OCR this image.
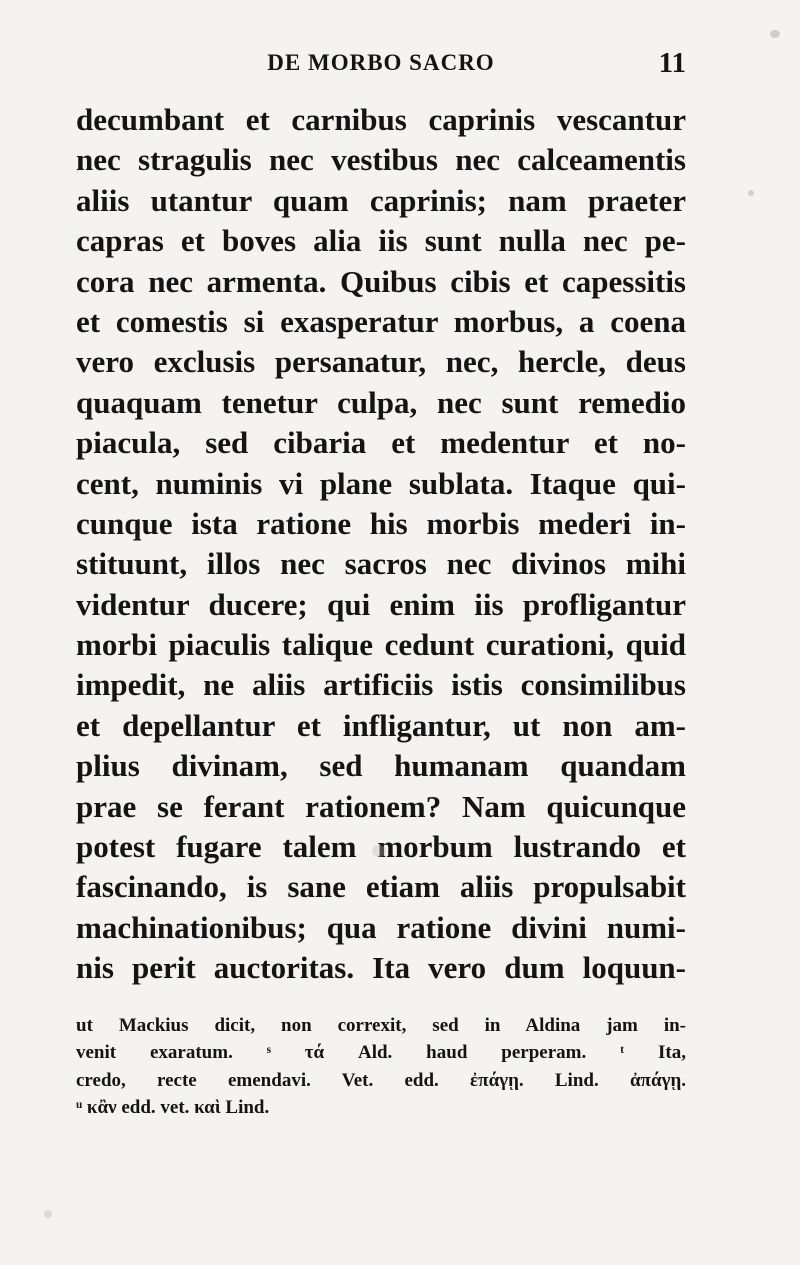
DE MORBO SACRO	11
decumbant et carnibus caprinis vescantur
nec stragulis nec vestibus nec calceamentis
aliis utantur quam caprinis; nam praeter
capras et boves alia iis sunt nulla nec pe-
cora nec armenta. Quibus cibis et capessitis
et comestis si exasperatur morbus, a coena
vero exclusis persanatur, nec, hercle, deus
quaquam tenetur culpa, nec sunt remedio
piacula, sed cibaria et medentur et no-
cent, numinis vi plane sublata. Itaque qui-
cunque ista ratione his morbis mederi in-
stituunt, illos nec sacros nec divinos mihi
videntur ducere; qui enim iis profligantur
morbi piaculis talique cedunt curationi, quid
impedit, ne aliis artificiis istis consimilibus
et depellantur et infligantur, ut non am-
plius divinam, sed humanam quandam
prae se ferant rationem? Nam quicunque
potest fugare talem morbum lustrando et
fascinando, is sane etiam aliis propulsabit
machinationibus; qua ratione divini numi-
nis perit auctoritas. Ita vero dum loquun-
ut Mackius dicit, non correxit, sed in Aldina jam in-
venit exaratum. ˢ τά Ald. haud perperam. ᵗ Ita,
credo, recte emendavi. Vet. edd. ἐπάγῃ. Lind. ἀπάγῃ.
ᵘ κἂν edd. vet. καὶ Lind.
